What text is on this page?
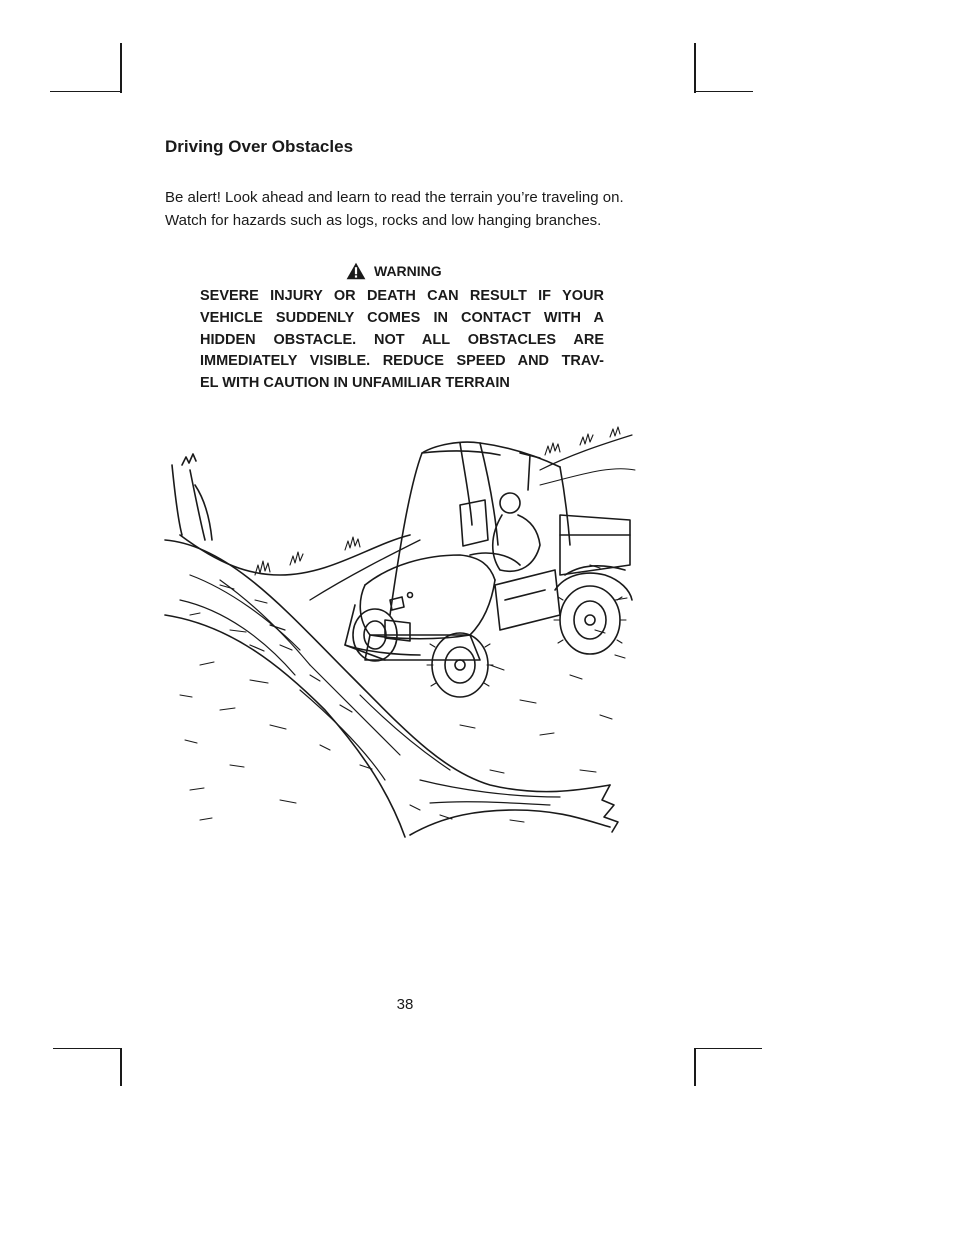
Driving Over Obstacles

Be alert! Look ahead and learn to read the terrain you’re traveling on.
Watch for hazards such as logs, rocks and low hanging branches.

WARNING
SEVERE INJURY OR DEATH CAN RESULT IF YOUR
VEHICLE SUDDENLY COMES IN CONTACT WITH A
HIDDEN OBSTACLE. NOT ALL OBSTACLES ARE
IMMEDIATELY VISIBLE. REDUCE SPEED AND TRAV-
EL WITH CAUTION IN UNFAMILIAR TERRAIN
38
